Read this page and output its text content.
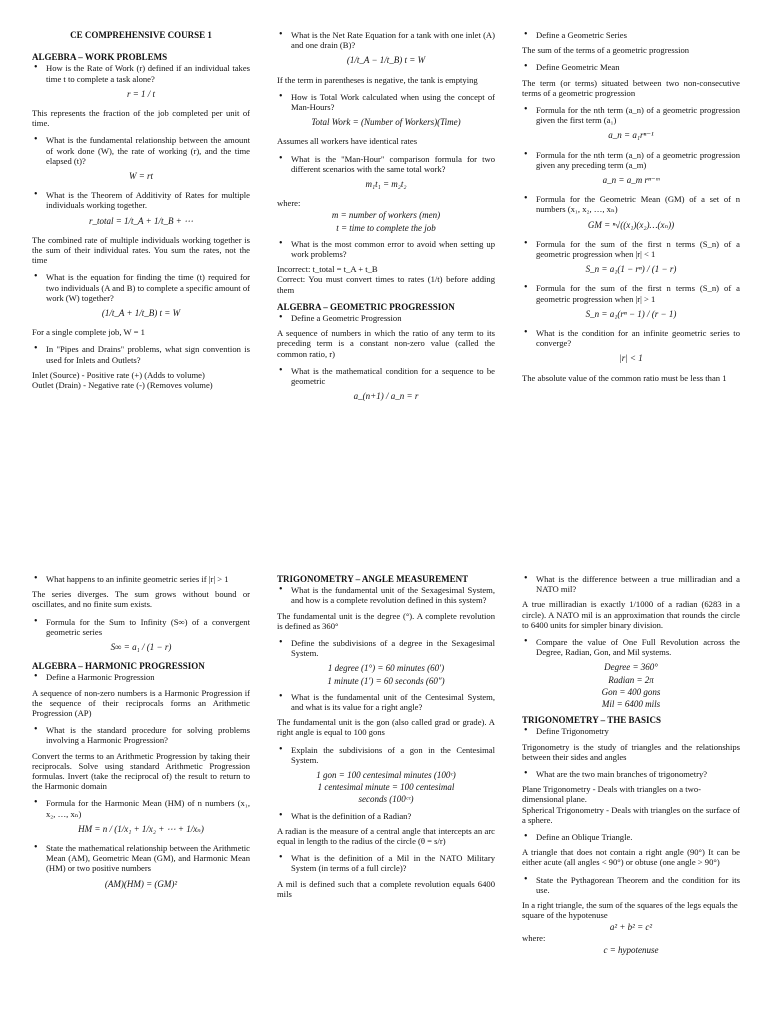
CE COMPREHENSIVE COURSE 1
ALGEBRA – WORK PROBLEMS
• How is the Rate of Work (r) defined if an individual takes time t to complete a task alone?
r = 1 / t
This represents the fraction of the job completed per unit of time.
• What is the fundamental relationship between the amount of work done (W), the rate of working (r), and the time elapsed (t)?
W = rt
• What is the Theorem of Additivity of Rates for multiple individuals working together.
r_total = 1/t_A + 1/t_B + ⋯
The combined rate of multiple individuals working together is the sum of their individual rates. You sum the rates, not the time
• What is the equation for finding the time (t) required for two individuals (A and B) to complete a specific amount of work (W) together?
(1/t_A + 1/t_B) t = W
For a single complete job, W = 1
• In "Pipes and Drains" problems, what sign convention is used for Inlets and Outlets?
Inlet (Source) - Positive rate (+) (Adds to volume)
Outlet (Drain) - Negative rate (-) (Removes volume)
• What is the Net Rate Equation for a tank with one inlet (A) and one drain (B)?
(1/t_A − 1/t_B) t = W
If the term in parentheses is negative, the tank is emptying
• How is Total Work calculated when using the concept of Man-Hours?
Total Work = (Number of Workers)(Time)
Assumes all workers have identical rates
• What is the "Man-Hour" comparison formula for two different scenarios with the same total work?
m₁t₁ = m₂t₂
where:
m = number of workers (men)
t = time to complete the job
• What is the most common error to avoid when setting up work problems?
Incorrect: t_total = t_A + t_B
Correct: You must convert times to rates (1/t) before adding them
ALGEBRA – GEOMETRIC PROGRESSION
• Define a Geometric Progression
A sequence of numbers in which the ratio of any term to its preceding term is a constant non-zero value (called the common ratio, r)
• What is the mathematical condition for a sequence to be geometric
a_(n+1) / a_n = r
• Define a Geometric Series
The sum of the terms of a geometric progression
• Define Geometric Mean
The term (or terms) situated between two non-consecutive terms of a geometric progression
• Formula for the nth term (a_n) of a geometric progression given the first term (a₁)
a_n = a₁rⁿ⁻¹
• Formula for the nth term (a_n) of a geometric progression given any preceding term (a_m)
a_n = a_m rⁿ⁻ᵐ
• Formula for the Geometric Mean (GM) of a set of n numbers (x₁, x₂, …, xₙ)
GM = ⁿ√((x₁)(x₂)…(xₙ))
• Formula for the sum of the first n terms (S_n) of a geometric progression when |r| < 1
S_n = a₁(1 − rⁿ) / (1 − r)
• Formula for the sum of the first n terms (S_n) of a geometric progression when |r| > 1
S_n = a₁(rⁿ − 1) / (r − 1)
• What is the condition for an infinite geometric series to converge?
|r| < 1
The absolute value of the common ratio must be less than 1
• What happens to an infinite geometric series if |r| > 1
The series diverges. The sum grows without bound or oscillates, and no finite sum exists.
• Formula for the Sum to Infinity (S∞) of a convergent geometric series
S∞ = a₁ / (1 − r)
ALGEBRA – HARMONIC PROGRESSION
• Define a Harmonic Progression
A sequence of non-zero numbers is a Harmonic Progression if the sequence of their reciprocals forms an Arithmetic Progression (AP)
• What is the standard procedure for solving problems involving a Harmonic Progression?
Convert the terms to an Arithmetic Progression by taking their reciprocals. Solve using standard Arithmetic Progression formulas. Invert (take the reciprocal of) the result to return to the Harmonic domain
• Formula for the Harmonic Mean (HM) of n numbers (x₁, x₂, …, xₙ)
HM = n / (1/x₁ + 1/x₂ + ⋯ + 1/xₙ)
• State the mathematical relationship between the Arithmetic Mean (AM), Geometric Mean (GM), and Harmonic Mean (HM) or two positive numbers
(AM)(HM) = (GM)²
TRIGONOMETRY – ANGLE MEASUREMENT
• What is the fundamental unit of the Sexagesimal System, and how is a complete revolution defined in this system?
The fundamental unit is the degree (°). A complete revolution is defined as 360°
• Define the subdivisions of a degree in the Sexagesimal System.
1 degree (1°) = 60 minutes (60′)
1 minute (1′) = 60 seconds (60″)
• What is the fundamental unit of the Centesimal System, and what is its value for a right angle?
The fundamental unit is the gon (also called grad or grade). A right angle is equal to 100 gons
• Explain the subdivisions of a gon in the Centesimal System.
1 gon = 100 centesimal minutes (100ᶜ)
1 centesimal minute = 100 centesimal
seconds (100ᶜᶜ)
• What is the definition of a Radian?
A radian is the measure of a central angle that intercepts an arc equal in length to the radius of the circle (θ = s/r)
• What is the definition of a Mil in the NATO Military System (in terms of a full circle)?
A mil is defined such that a complete revolution equals 6400 mils
• What is the difference between a true milliradian and a NATO mil?
A true milliradian is exactly 1/1000 of a radian (6283 in a circle). A NATO mil is an approximation that rounds the circle to 6400 units for simpler binary division.
• Compare the value of One Full Revolution across the Degree, Radian, Gon, and Mil systems.
Degree = 360°
Radian = 2π
Gon = 400 gons
Mil = 6400 mils
TRIGONOMETRY – THE BASICS
• Define Trigonometry
Trigonometry is the study of triangles and the relationships between their sides and angles
• What are the two main branches of trigonometry?
Plane Trigonometry - Deals with triangles on a two-dimensional plane.
Spherical Trigonometry - Deals with triangles on the surface of a sphere.
• Define an Oblique Triangle.
A triangle that does not contain a right angle (90°) It can be either acute (all angles < 90°) or obtuse (one angle > 90°)
• State the Pythagorean Theorem and the condition for its use.
In a right triangle, the sum of the squares of the legs equals the square of the hypotenuse
a² + b² = c²
where:
c = hypotenuse
